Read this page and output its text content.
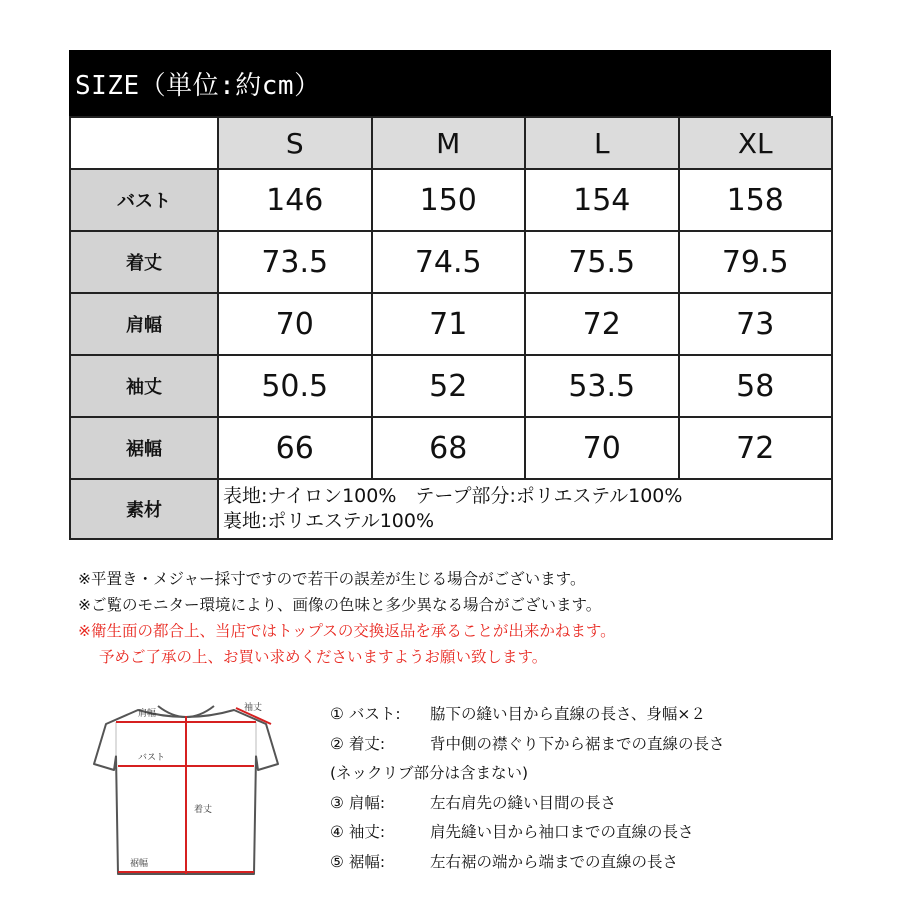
SIZE（単位:約cm）
	S	M	L	XL
バスト	146	150	154	158
着丈	73.5	74.5	75.5	79.5
肩幅	70	71	72	73
袖丈	50.5	52	53.5	58
裾幅	66	68	70	72
素材	表地:ナイロン100%　テープ部分:ポリエステル100%
裏地:ポリエステル100%			
※平置き・メジャー採寸ですので若干の誤差が生じる場合がございます。
※ご覧のモニター環境により、画像の色味と多少異なる場合がございます。
※衛生面の都合上、当店ではトップスの交換返品を承ることが出来かねます。
予めご了承の上、お買い求めくださいますようお願い致します。
袖丈
肩幅
バスト
着丈
裾幅
① バスト: 脇下の縫い目から直線の長さ、身幅×２
② 着丈:	背中側の襟ぐり下から裾までの直線の長さ
(ネックリブ部分は含まない)
③ 肩幅:	左右肩先の縫い目間の長さ
④ 袖丈:	肩先縫い目から袖口までの直線の長さ
⑤ 裾幅:	左右裾の端から端までの直線の長さ
